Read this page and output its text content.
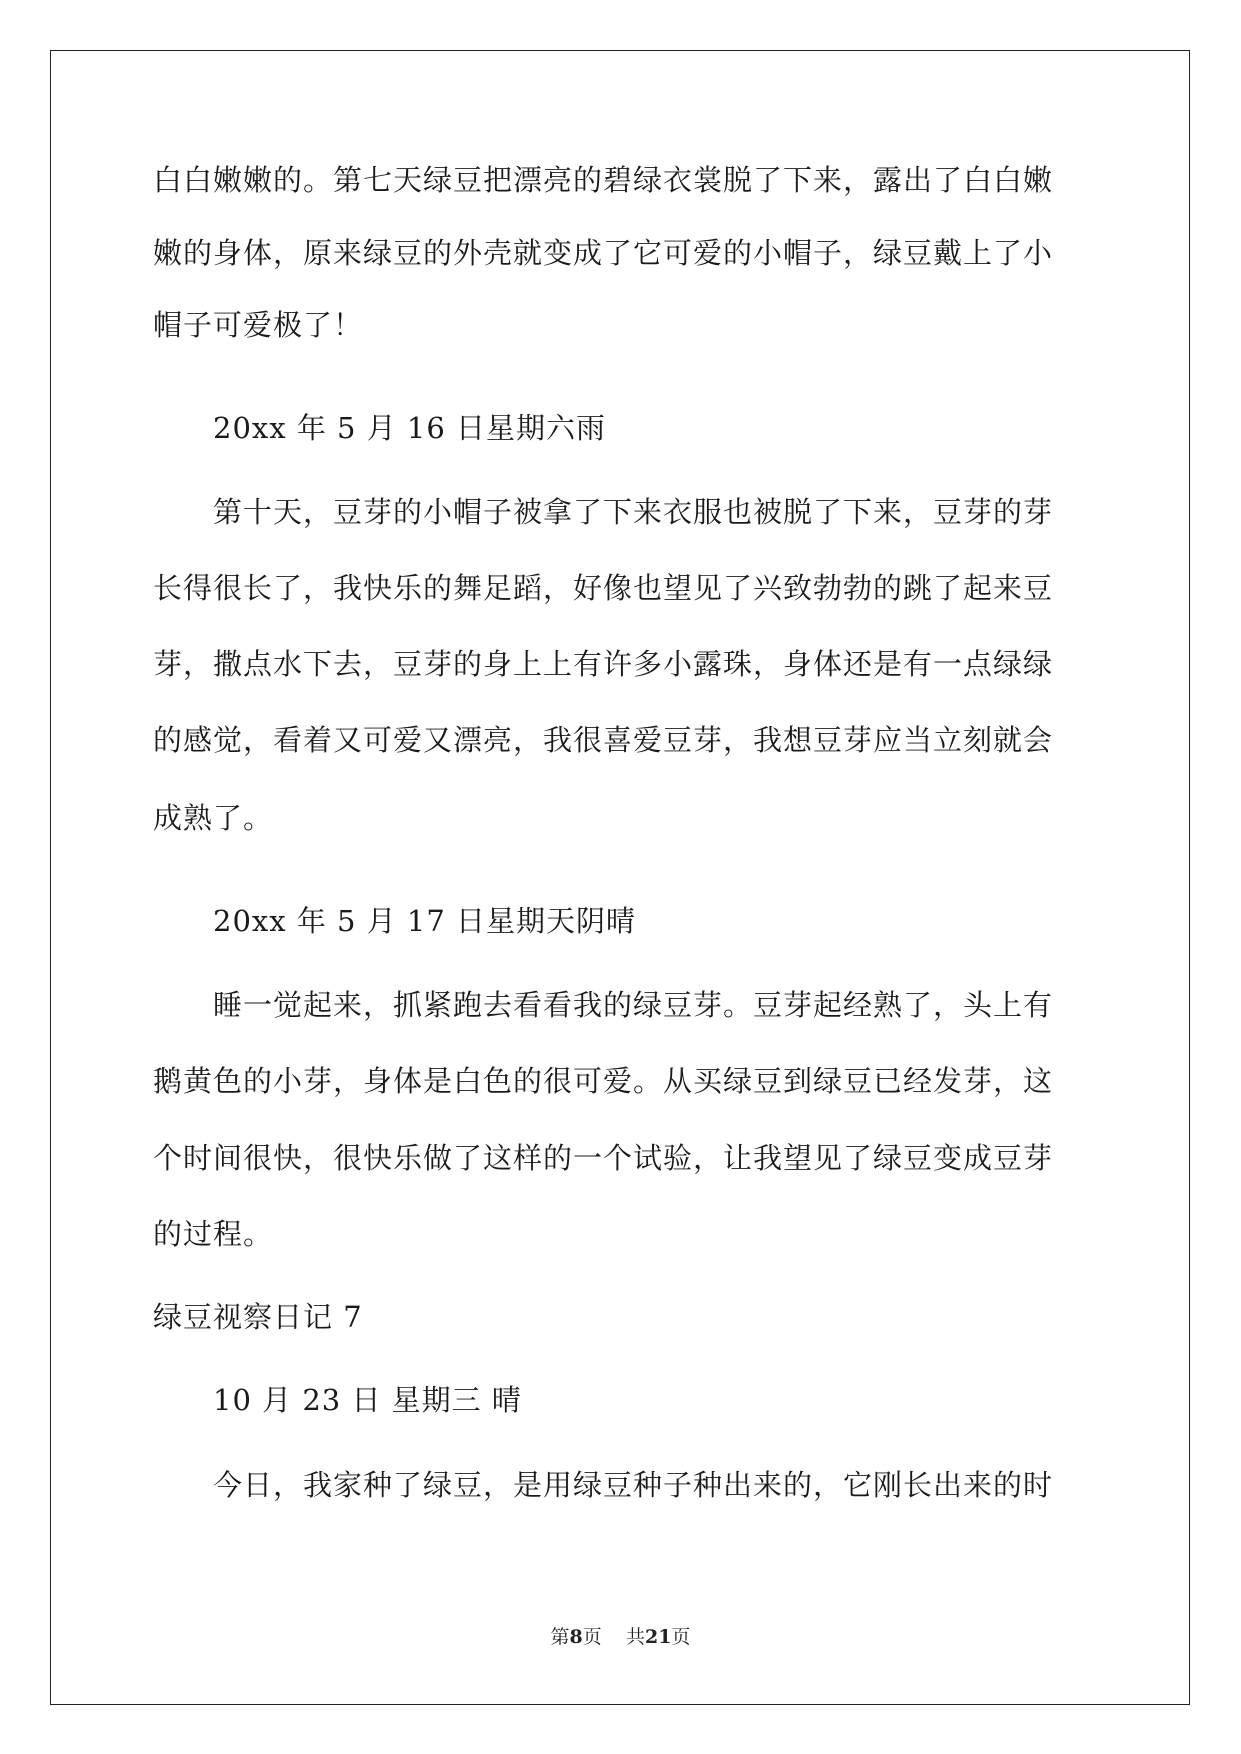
白白嫩嫩的。第七天绿豆把漂亮的碧绿衣裳脱了下来，露出了白白嫩
嫩的身体，原来绿豆的外壳就变成了它可爱的小帽子，绿豆戴上了小
帽子可爱极了！
20xx 年 5 月 16 日星期六雨
第十天，豆芽的小帽子被拿了下来衣服也被脱了下来，豆芽的芽
长得很长了，我快乐的舞足蹈，好像也望见了兴致勃勃的跳了起来豆
芽，撒点水下去，豆芽的身上上有许多小露珠，身体还是有一点绿绿
的感觉，看着又可爱又漂亮，我很喜爱豆芽，我想豆芽应当立刻就会
成熟了。
20xx 年 5 月 17 日星期天阴晴
睡一觉起来，抓紧跑去看看我的绿豆芽。豆芽起经熟了，头上有
鹅黄色的小芽，身体是白色的很可爱。从买绿豆到绿豆已经发芽，这
个时间很快，很快乐做了这样的一个试验，让我望见了绿豆变成豆芽
的过程。
绿豆视察日记 7
10 月 23 日 星期三 晴
今日，我家种了绿豆，是用绿豆种子种出来的，它刚长出来的时
第8页 共21页
